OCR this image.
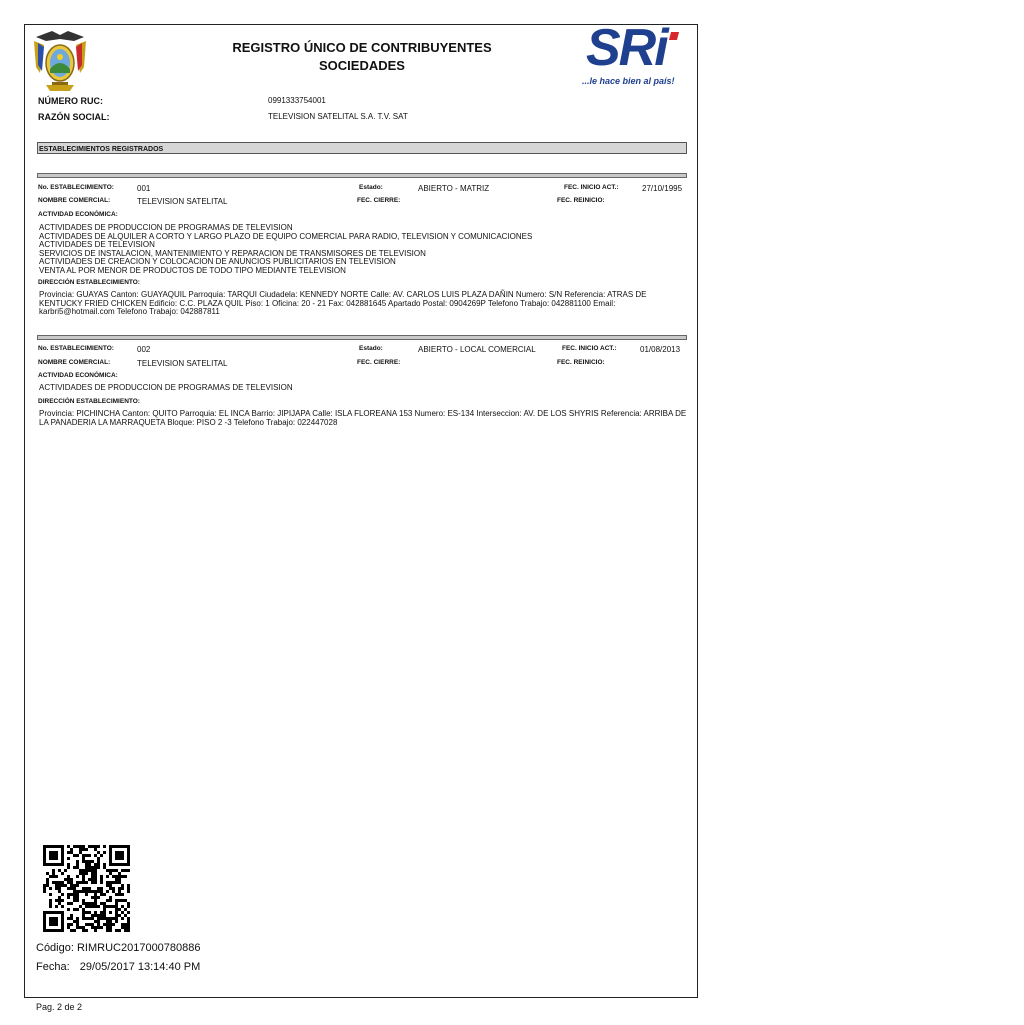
REGISTRO ÚNICO DE CONTRIBUYENTES
SOCIEDADES	SRi
...le hace bien al país!
NÚMERO RUC:	0991333754001
RAZÓN SOCIAL:	TELEVISION SATELITAL S.A. T.V. SAT
ESTABLECIMIENTOS REGISTRADOS
No. ESTABLECIMIENTO:	001	Estado:	ABIERTO - MATRIZ	FEC. INICIO ACT.:	27/10/1995
NOMBRE COMERCIAL:	TELEVISION SATELITAL	FEC. CIERRE:	FEC. REINICIO:
ACTIVIDAD ECONÓMICA:
ACTIVIDADES DE PRODUCCION DE PROGRAMAS DE TELEVISION
ACTIVIDADES DE ALQUILER A CORTO Y LARGO PLAZO DE EQUIPO COMERCIAL PARA RADIO, TELEVISION Y COMUNICACIONES
ACTIVIDADES DE TELEVISION
SERVICIOS DE INSTALACION, MANTENIMIENTO Y REPARACION DE TRANSMISORES DE TELEVISION
ACTIVIDADES DE CREACION Y COLOCACION DE ANUNCIOS PUBLICITARIOS EN TELEVISION
VENTA AL POR MENOR DE PRODUCTOS DE TODO TIPO MEDIANTE TELEVISION
DIRECCIÓN ESTABLECIMIENTO:
Provincia: GUAYAS Canton: GUAYAQUIL Parroquia: TARQUI Ciudadela: KENNEDY NORTE Calle: AV. CARLOS LUIS PLAZA DAÑIN Numero: S/N Referencia: ATRAS DE KENTUCKY FRIED CHICKEN Edificio: C.C. PLAZA QUIL Piso: 1 Oficina: 20 - 21 Fax: 042881645 Apartado Postal: 0904269P Telefono Trabajo: 042881100 Email: karbri5@hotmail.com Telefono Trabajo: 042887811
No. ESTABLECIMIENTO:	002	Estado:	ABIERTO - LOCAL COMERCIAL	FEC. INICIO ACT.:	01/08/2013
NOMBRE COMERCIAL:	TELEVISION SATELITAL	FEC. CIERRE:	FEC. REINICIO:
ACTIVIDAD ECONÓMICA:
ACTIVIDADES DE PRODUCCION DE PROGRAMAS DE TELEVISION
DIRECCIÓN ESTABLECIMIENTO:
Provincia: PICHINCHA Canton: QUITO Parroquia: EL INCA Barrio: JIPIJAPA Calle: ISLA FLOREANA 153 Numero: ES-134 Interseccion: AV. DE LOS SHYRIS Referencia: ARRIBA DE LA PANADERIA LA MARRAQUETA Bloque: PISO 2 -3 Telefono Trabajo: 022447028
Código: RIMRUC2017000780886
Fecha: 29/05/2017 13:14:40 PM
Pag. 2 de 2
